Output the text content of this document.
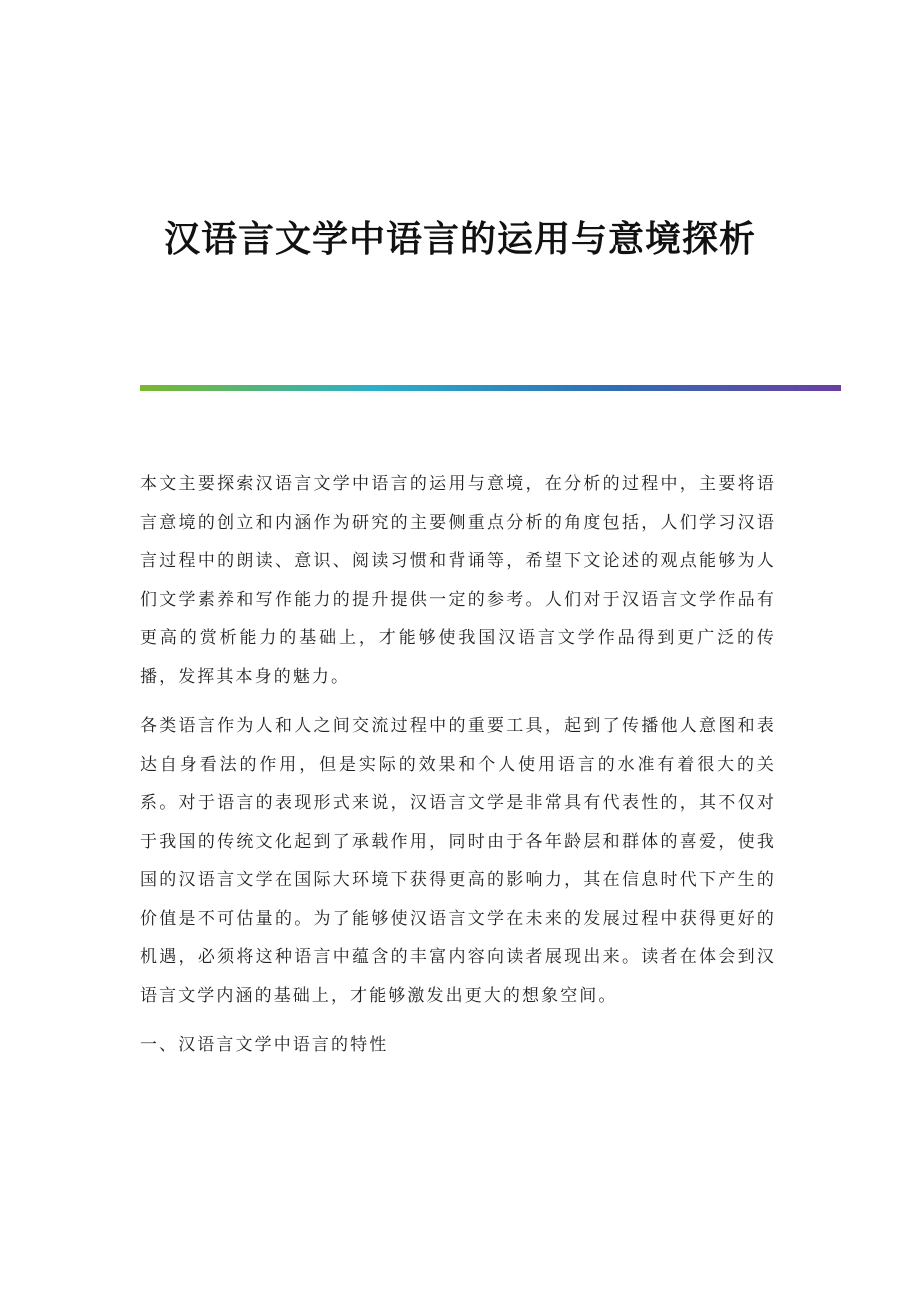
汉语言文学中语言的运用与意境探析

本文主要探索汉语言文学中语言的运用与意境，在分析的过程中，主要将语言意境的创立和内涵作为研究的主要侧重点分析的角度包括，人们学习汉语言过程中的朗读、意识、阅读习惯和背诵等，希望下文论述的观点能够为人们文学素养和写作能力的提升提供一定的参考。人们对于汉语言文学作品有更高的赏析能力的基础上，才能够使我国汉语言文学作品得到更广泛的传播，发挥其本身的魅力。

各类语言作为人和人之间交流过程中的重要工具，起到了传播他人意图和表达自身看法的作用，但是实际的效果和个人使用语言的水准有着很大的关系。对于语言的表现形式来说，汉语言文学是非常具有代表性的，其不仅对于我国的传统文化起到了承载作用，同时由于各年龄层和群体的喜爱，使我国的汉语言文学在国际大环境下获得更高的影响力，其在信息时代下产生的价值是不可估量的。为了能够使汉语言文学在未来的发展过程中获得更好的机遇，必须将这种语言中蕴含的丰富内容向读者展现出来。读者在体会到汉语言文学内涵的基础上，才能够激发出更大的想象空间。

一、汉语言文学中语言的特性
